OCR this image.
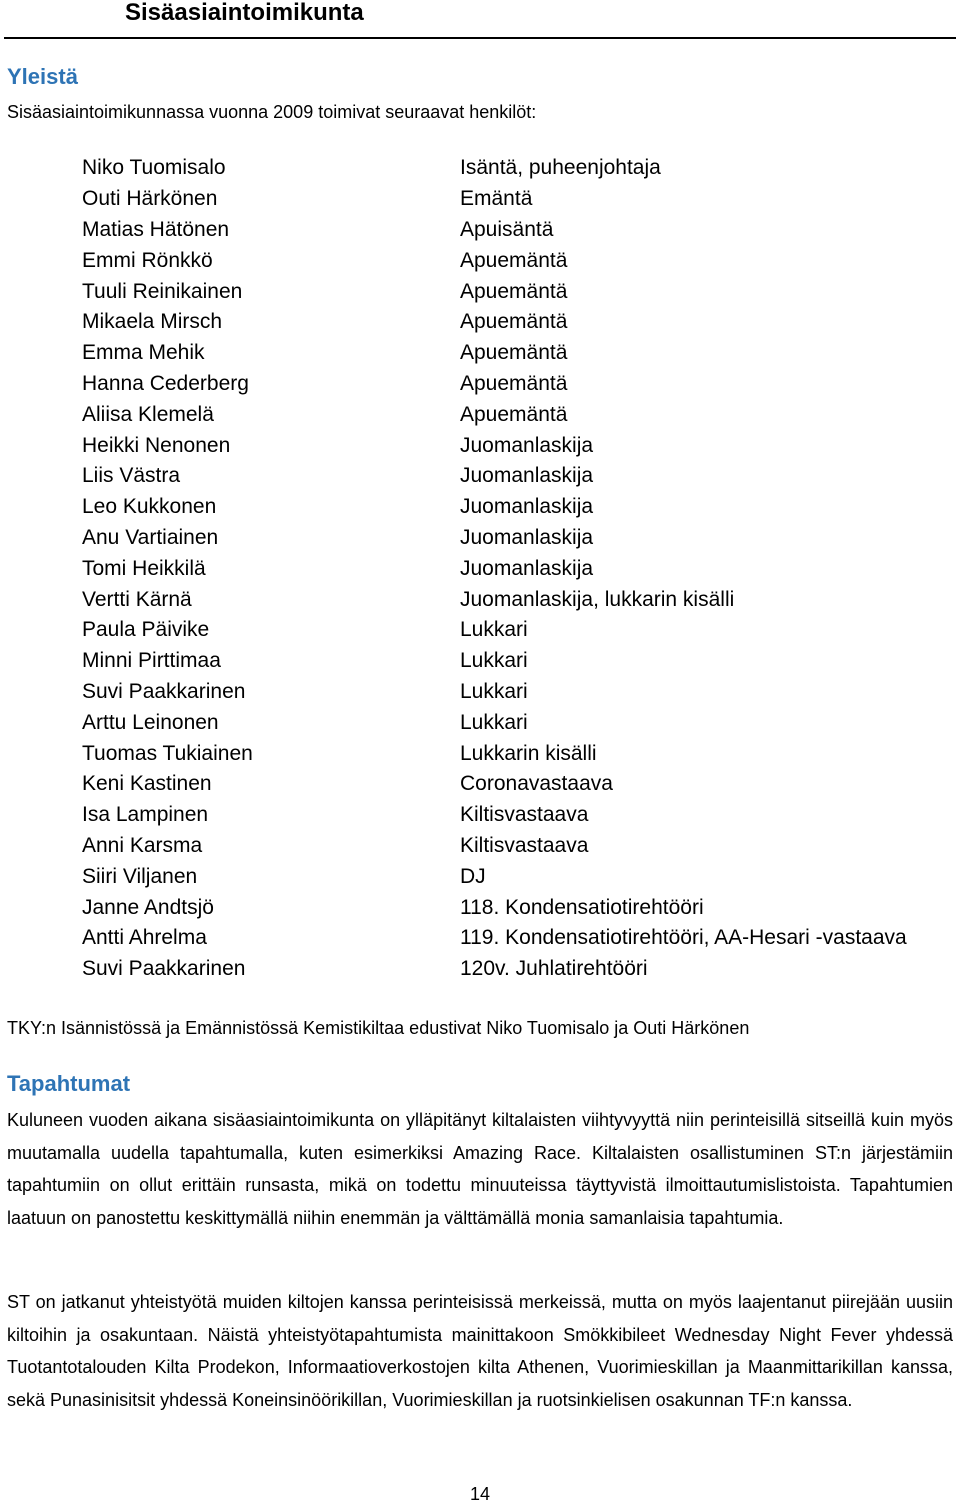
Sisäasiaintoimikunta
Yleistä
Sisäasiaintoimikunnassa vuonna 2009 toimivat seuraavat henkilöt:
Niko Tuomisalo	Isäntä, puheenjohtaja
Outi Härkönen	Emäntä
Matias Hätönen	Apuisäntä
Emmi Rönkkö	Apuemäntä
Tuuli Reinikainen	Apuemäntä
Mikaela Mirsch	Apuemäntä
Emma Mehik	Apuemäntä
Hanna Cederberg	Apuemäntä
Aliisa Klemelä	Apuemäntä
Heikki Nenonen	Juomanlaskija
Liis Västra	Juomanlaskija
Leo Kukkonen	Juomanlaskija
Anu Vartiainen	Juomanlaskija
Tomi Heikkilä	Juomanlaskija
Vertti Kärnä	Juomanlaskija, lukkarin kisälli
Paula Päivike	Lukkari
Minni Pirttimaa	Lukkari
Suvi Paakkarinen	Lukkari
Arttu Leinonen	Lukkari
Tuomas Tukiainen	Lukkarin kisälli
Keni Kastinen	Coronavastaava
Isa Lampinen	Kiltisvastaava
Anni Karsma	Kiltisvastaava
Siiri Viljanen	DJ
Janne Andtsjö	118. Kondensatiotirehtööri
Antti Ahrelma	119. Kondensatiotirehtööri, AA-Hesari -vastaava
Suvi Paakkarinen	120v. Juhlatirehtööri
TKY:n Isännistössä ja Emännistössä Kemistikiltaa edustivat Niko Tuomisalo ja Outi Härkönen
Tapahtumat
Kuluneen vuoden aikana sisäasiaintoimikunta on ylläpitänyt kiltalaisten viihtyvyyttä niin perinteisillä sitseillä kuin myös muutamalla uudella tapahtumalla, kuten esimerkiksi Amazing Race. Kiltalaisten osallistuminen ST:n järjestämiin tapahtumiin on ollut erittäin runsasta, mikä on todettu minuuteissa täyttyvistä ilmoittautumislistoista. Tapahtumien laatuun on panostettu keskittymällä niihin enemmän ja välttämällä monia samanlaisia tapahtumia.
ST on jatkanut yhteistyötä muiden kiltojen kanssa perinteisissä merkeissä, mutta on myös laajentanut piirejään uusiin kiltoihin ja osakuntaan. Näistä yhteistyötapahtumista mainittakoon Smökkibileet Wednesday Night Fever yhdessä Tuotantotalouden Kilta Prodekon, Informaatioverkostojen kilta Athenen, Vuorimieskillan ja Maanmittarikillan kanssa, sekä Punasinisitsit yhdessä Koneinsinöörikillan, Vuorimieskillan ja ruotsinkielisen osakunnan TF:n kanssa.
14
